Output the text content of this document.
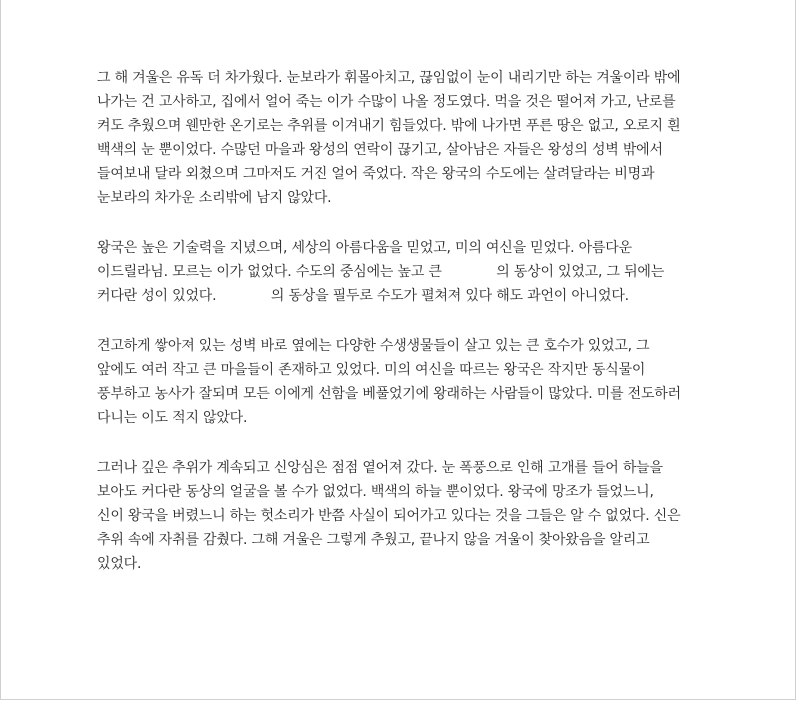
그 해 겨울은 유독 더 차가웠다. 눈보라가 휘몰아치고, 끊임없이 눈이 내리기만 하는 겨울이라 밖에
나가는 건 고사하고, 집에서 얼어 죽는 이가 수많이 나올 정도였다. 먹을 것은 떨어져 가고, 난로를
켜도 추웠으며 웬만한 온기로는 추위를 이겨내기 힘들었다. 밖에 나가면 푸른 땅은 없고, 오로지 흰
백색의 눈 뿐이었다. 수많던 마을과 왕성의 연락이 끊기고, 살아남은 자들은 왕성의 성벽 밖에서
들여보내 달라 외쳤으며 그마저도 거진 얼어 죽었다. 작은 왕국의 수도에는 살려달라는 비명과
눈보라의 차가운 소리밖에 남지 않았다.
왕국은 높은 기술력을 지녔으며, 세상의 아름다움을 믿었고, 미의 여신을 믿었다. 아름다운
이드릴라님. 모르는 이가 없었다. 수도의 중심에는 높고 큰	의 동상이 있었고, 그 뒤에는
커다란 성이 있었다.	의 동상을 필두로 수도가 펼쳐져 있다 해도 과언이 아니었다.
견고하게 쌓아져 있는 성벽 바로 옆에는 다양한 수생생물들이 살고 있는 큰 호수가 있었고, 그
앞에도 여러 작고 큰 마을들이 존재하고 있었다. 미의 여신을 따르는 왕국은 작지만 동식물이
풍부하고 농사가 잘되며 모든 이에게 선함을 베풀었기에 왕래하는 사람들이 많았다. 미를 전도하러
다니는 이도 적지 않았다.
그러나 깊은 추위가 계속되고 신앙심은 점점 옅어져 갔다. 눈 폭풍으로 인해 고개를 들어 하늘을
보아도 커다란 동상의 얼굴을 볼 수가 없었다. 백색의 하늘 뿐이었다. 왕국에 망조가 들었느니,
신이 왕국을 버렸느니 하는 헛소리가 반쯤 사실이 되어가고 있다는 것을 그들은 알 수 없었다. 신은
추위 속에 자취를 감췄다. 그해 겨울은 그렇게 추웠고, 끝나지 않을 겨울이 찾아왔음을 알리고
있었다.
